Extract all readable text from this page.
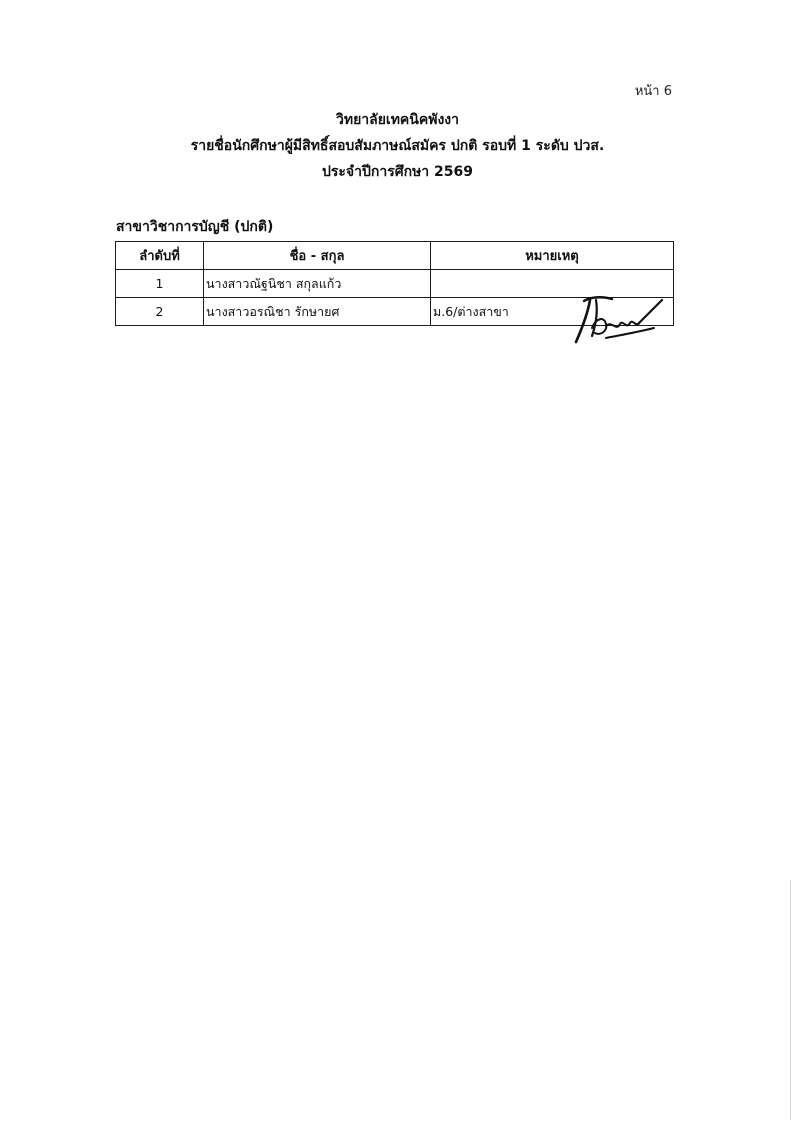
หน้า 6
วิทยาลัยเทคนิคพังงา
รายชื่อนักศึกษาผู้มีสิทธิ์สอบสัมภาษณ์สมัคร ปกติ รอบที่ 1 ระดับ ปวส.
ประจำปีการศึกษา 2569
สาขาวิชาการบัญชี (ปกติ)
ลำดับที่	ชื่อ - สกุล	หมายเหตุ
1	นางสาวณัฐนิชา สกุลแก้ว	
2	นางสาวอรณิชา รักษายศ	ม.6/ต่างสาขา
